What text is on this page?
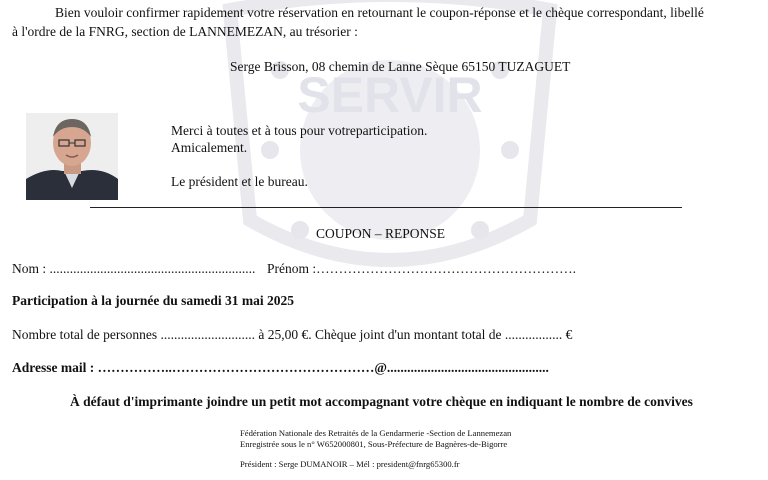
SERVIR
Bien vouloir confirmer rapidement votre réservation en retournant le coupon-réponse et le chèque correspondant, libellé
à l'ordre de la FNRG, section de LANNEMEZAN, au trésorier :
Serge Brisson, 08 chemin de Lanne Sèque 65150 TUZAGUET
Merci à toutes et à tous pour votreparticipation.
Amicalement.
Le président et le bureau.
COUPON – REPONSE
Nom : ............................................................. Prénom :………………………………………………….
Participation à la journée du samedi 31 mai 2025
Nombre total de personnes ............................ à 25,00 €. Chèque joint d'un montant total de ................. €
Adresse mail : ……………..………………………………………@................................................
À défaut d'imprimante joindre un petit mot accompagnant votre chèque en indiquant le nombre de convives
Fédération Nationale des Retraités de la Gendarmerie -Section de Lannemezan
Enregistrée sous le n° W652000801, Sous-Préfecture de Bagnères-de-Bigorre
Président : Serge DUMANOIR – Mél : president@fnrg65300.fr
